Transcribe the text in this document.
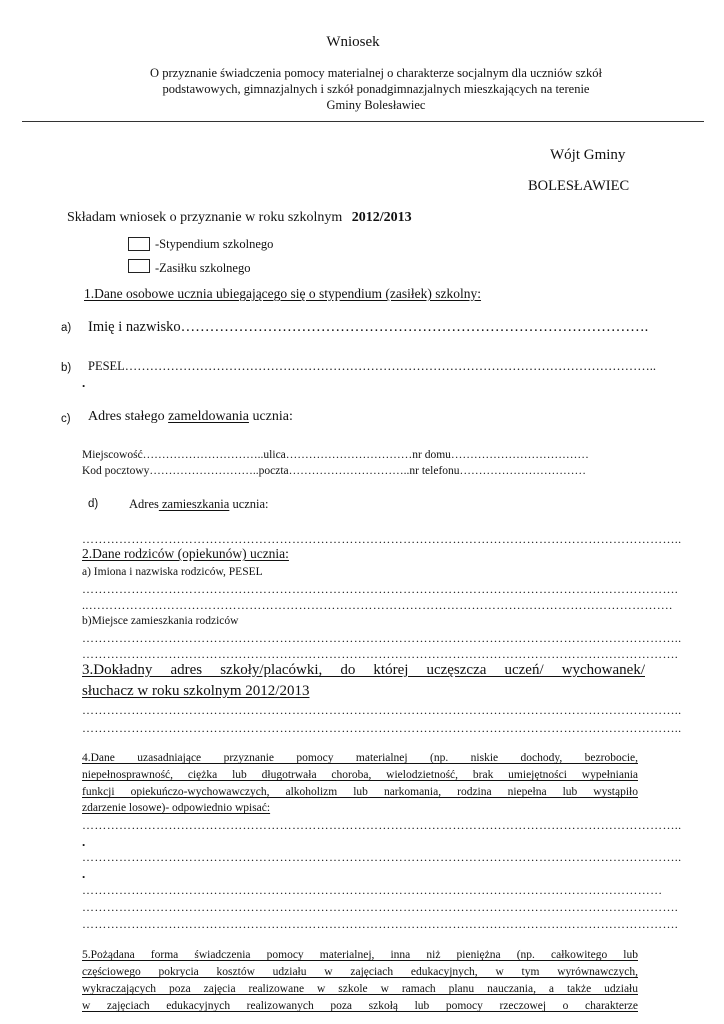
Wniosek
O przyznanie świadczenia pomocy materialnej o charakterze socjalnym dla uczniów szkół
podstawowych, gimnazjalnych i szkół ponadgimnazjalnych mieszkających na terenie
Gminy Bolesławiec
Wójt Gminy
BOLESŁAWIEC
Składam wniosek o przyznanie w roku szkolnym 2012/2013
-Stypendium szkolnego
-Zasiłku szkolnego
1.Dane osobowe ucznia ubiegającego się o stypendium (zasiłek) szkolny:
a) Imię i nazwisko…………………………………………………………………………………….
b) PESEL………………………………………………………………………………………………………………..
.
c) Adres stałego zameldowania ucznia:
Miejscowość…………………………..ulica……………………………nr domu………………………………
Kod pocztowy………………………..poczta…………………………..nr telefonu……………………………
d) Adres zamieszkania ucznia:
………………………………………………………………………………………………………………………………..
2.Dane rodziców (opiekunów) ucznia:
a) Imiona i nazwiska rodziców, PESEL
……………………………………………………………………………………………………………………………….
..…………………………………………………………………………………………………………………………….
b)Miejsce zamieszkania rodziców
………………………………………………………………………………………………………………………………..
……………………………………………………………………………………………………………………………….
3.Dokładny adres szkoły/placówki, do której uczęszcza uczeń/ wychowanek/
słuchacz w roku szkolnym 2012/2013
………………………………………………………………………………………………………………………………..
………………………………………………………………………………………………………………………………..
4.Dane uzasadniające przyznanie pomocy materialnej (np. niskie dochody, bezrobocie,
niepełnosprawność, ciężka lub długotrwała choroba, wielodzietność, brak umiejętności wypełniania
funkcji opiekuńczo-wychowawczych, alkoholizm lub narkomania, rodzina niepełna lub wystąpiło
zdarzenie losowe)- odpowiednio wpisać:
………………………………………………………………………………………………………………………………..
.
………………………………………………………………………………………………………………………………..
.
……………………………………………………………………………………………………………………………
……………………………………………………………………………………………………………………………….
……………………………………………………………………………………………………………………………….
5.Pożądana forma świadczenia pomocy materialnej, inna niż pieniężna (np. całkowitego lub
częściowego pokrycia kosztów udziału w zajęciach edukacyjnych, w tym wyrównawczych,
wykraczających poza zajęcia realizowane w szkole w ramach planu nauczania, a także udziału
w zajęciach edukacyjnych realizowanych poza szkołą lub pomocy rzeczowej o charakterze
